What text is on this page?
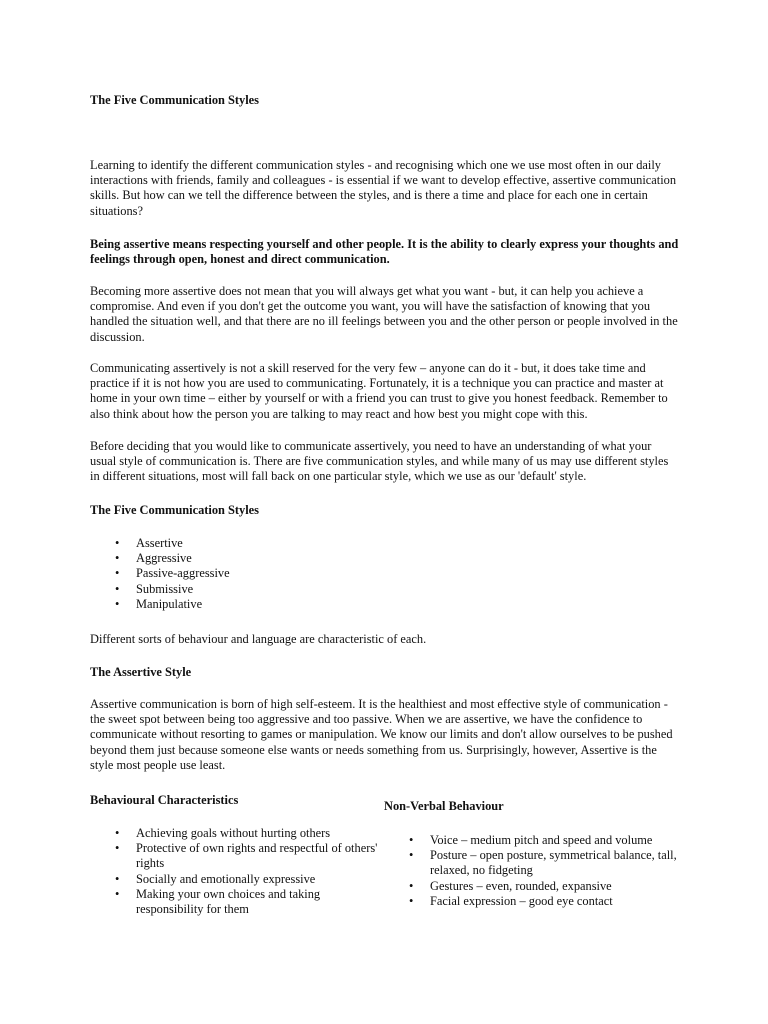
The Five Communication Styles

Learning to identify the different communication styles - and recognising which one we use most often in our daily interactions with friends, family and colleagues - is essential if we want to develop effective, assertive communication skills. But how can we tell the difference between the styles, and is there a time and place for each one in certain situations?

Being assertive means respecting yourself and other people. It is the ability to clearly express your thoughts and feelings through open, honest and direct communication.

Becoming more assertive does not mean that you will always get what you want - but, it can help you achieve a compromise. And even if you don't get the outcome you want, you will have the satisfaction of knowing that you handled the situation well, and that there are no ill feelings between you and the other person or people involved in the discussion.

Communicating assertively is not a skill reserved for the very few – anyone can do it - but, it does take time and practice if it is not how you are used to communicating. Fortunately, it is a technique you can practice and master at home in your own time – either by yourself or with a friend you can trust to give you honest feedback. Remember to also think about how the person you are talking to may react and how best you might cope with this.

Before deciding that you would like to communicate assertively, you need to have an understanding of what your usual style of communication is. There are five communication styles, and while many of us may use different styles in different situations, most will fall back on one particular style, which we use as our 'default' style.

The Five Communication Styles

• Assertive
• Aggressive
• Passive-aggressive
• Submissive
• Manipulative

Different sorts of behaviour and language are characteristic of each.

The Assertive Style

Assertive communication is born of high self-esteem. It is the healthiest and most effective style of communication - the sweet spot between being too aggressive and too passive. When we are assertive, we have the confidence to communicate without resorting to games or manipulation. We know our limits and don't allow ourselves to be pushed beyond them just because someone else wants or needs something from us. Surprisingly, however, Assertive is the style most people use least.

Behavioural Characteristics

• Achieving goals without hurting others
• Protective of own rights and respectful of others' rights
• Socially and emotionally expressive
• Making your own choices and taking responsibility for them

Non-Verbal Behaviour

• Voice – medium pitch and speed and volume
• Posture – open posture, symmetrical balance, tall, relaxed, no fidgeting
• Gestures – even, rounded, expansive
• Facial expression – good eye contact
